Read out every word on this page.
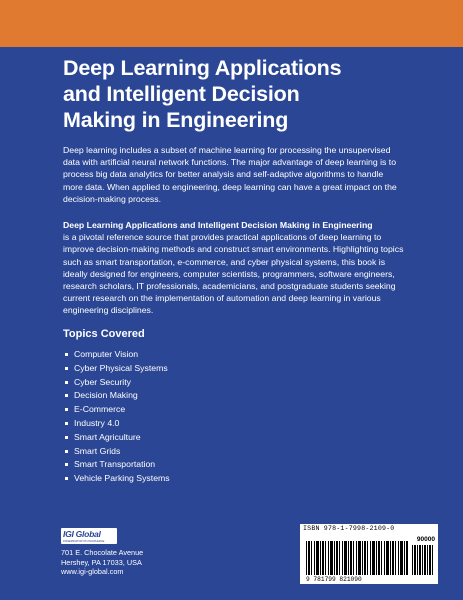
Deep Learning Applications
and Intelligent Decision
Making in Engineering

Deep learning includes a subset of machine learning for processing the unsupervised data with artificial neural network functions. The major advantage of deep learning is to process big data analytics for better analysis and self-adaptive algorithms to handle more data. When applied to engineering, deep learning can have a great impact on the decision-making process.

Deep Learning Applications and Intelligent Decision Making in Engineering
is a pivotal reference source that provides practical applications of deep learning to improve decision-making methods and construct smart environments. Highlighting topics such as smart transportation, e-commerce, and cyber physical systems, this book is ideally designed for engineers, computer scientists, programmers, software engineers, research scholars, IT professionals, academicians, and postgraduate students seeking current research on the implementation of automation and deep learning in various engineering disciplines.

Topics Covered
Computer Vision
Cyber Physical Systems
Cyber Security
Decision Making
E-Commerce
Industry 4.0
Smart Agriculture
Smart Grids
Smart Transportation
Vehicle Parking Systems
IGI Global
DISSEMINATOR OF KNOWLEDGE
701 E. Chocolate Avenue
Hershey, PA 17033, USA
www.igi-global.com
ISBN 978-1-7998-2109-0
90000
9 781799 821090
